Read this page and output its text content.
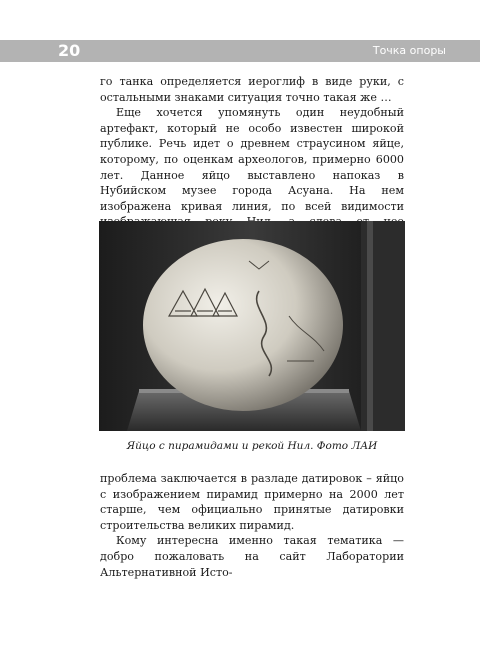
20	Точка опоры

го танка определяется иероглиф в виде руки, с остальными знаками ситуация точно такая же …

Еще хочется упомянуть один неудобный артефакт, который не особо известен широкой публике. Речь идет о древнем страусином яйце, которому, по оценкам археологов, примерно 6000 лет. Данное яйцо выставлено напоказ в Нубийском музее города Асуана. На нем изображена кривая линия, по всей видимости

Яйцо с пирамидами и рекой Нил. Фото ЛАИ

проблема заключается в разладе датировок – яйцо с изображением пирамид примерно на 2000 лет старше, чем официально принятые датировки строительства великих пирамид.

Кому интересна именно такая тематика — добро пожаловать на сайт Лаборатории Альтернативной Исто-
